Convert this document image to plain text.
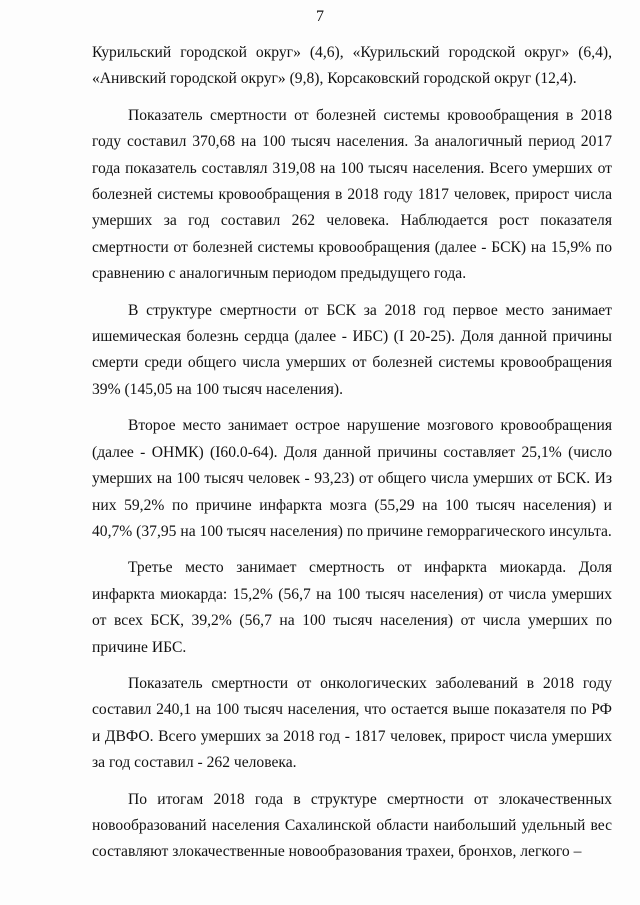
7

Курильский городской округ» (4,6), «Курильский городской округ» (6,4), «Анивский городской округ» (9,8), Корсаковский городской округ (12,4).

Показатель смертности от болезней системы кровообращения в 2018 году составил 370,68 на 100 тысяч населения. За аналогичный период 2017 года показатель составлял 319,08 на 100 тысяч населения. Всего умерших от болезней системы кровообращения в 2018 году 1817 человек, прирост числа умерших за год составил 262 человека. Наблюдается рост показателя смертности от болезней системы кровообращения (далее - БСК) на 15,9% по сравнению с аналогичным периодом предыдущего года.

В структуре смертности от БСК за 2018 год первое место занимает ишемическая болезнь сердца (далее - ИБС) (I 20-25). Доля данной причины смерти среди общего числа умерших от болезней системы кровообращения 39% (145,05 на 100 тысяч населения).

Второе место занимает острое нарушение мозгового кровообращения (далее - ОНМК) (I60.0-64). Доля данной причины составляет 25,1% (число умерших на 100 тысяч человек - 93,23) от общего числа умерших от БСК. Из них 59,2% по причине инфаркта мозга (55,29 на 100 тысяч населения) и 40,7% (37,95 на 100 тысяч населения) по причине геморрагического инсульта.

Третье место занимает смертность от инфаркта миокарда. Доля инфаркта миокарда: 15,2% (56,7 на 100 тысяч населения) от числа умерших от всех БСК, 39,2% (56,7 на 100 тысяч населения) от числа умерших по причине ИБС.

Показатель смертности от онкологических заболеваний в 2018 году составил 240,1 на 100 тысяч населения, что остается выше показателя по РФ и ДВФО. Всего умерших за 2018 год - 1817 человек, прирост числа умерших за год составил - 262 человека.

По итогам 2018 года в структуре смертности от злокачественных новообразований населения Сахалинской области наибольший удельный вес составляют злокачественные новообразования трахеи, бронхов, легкого –
